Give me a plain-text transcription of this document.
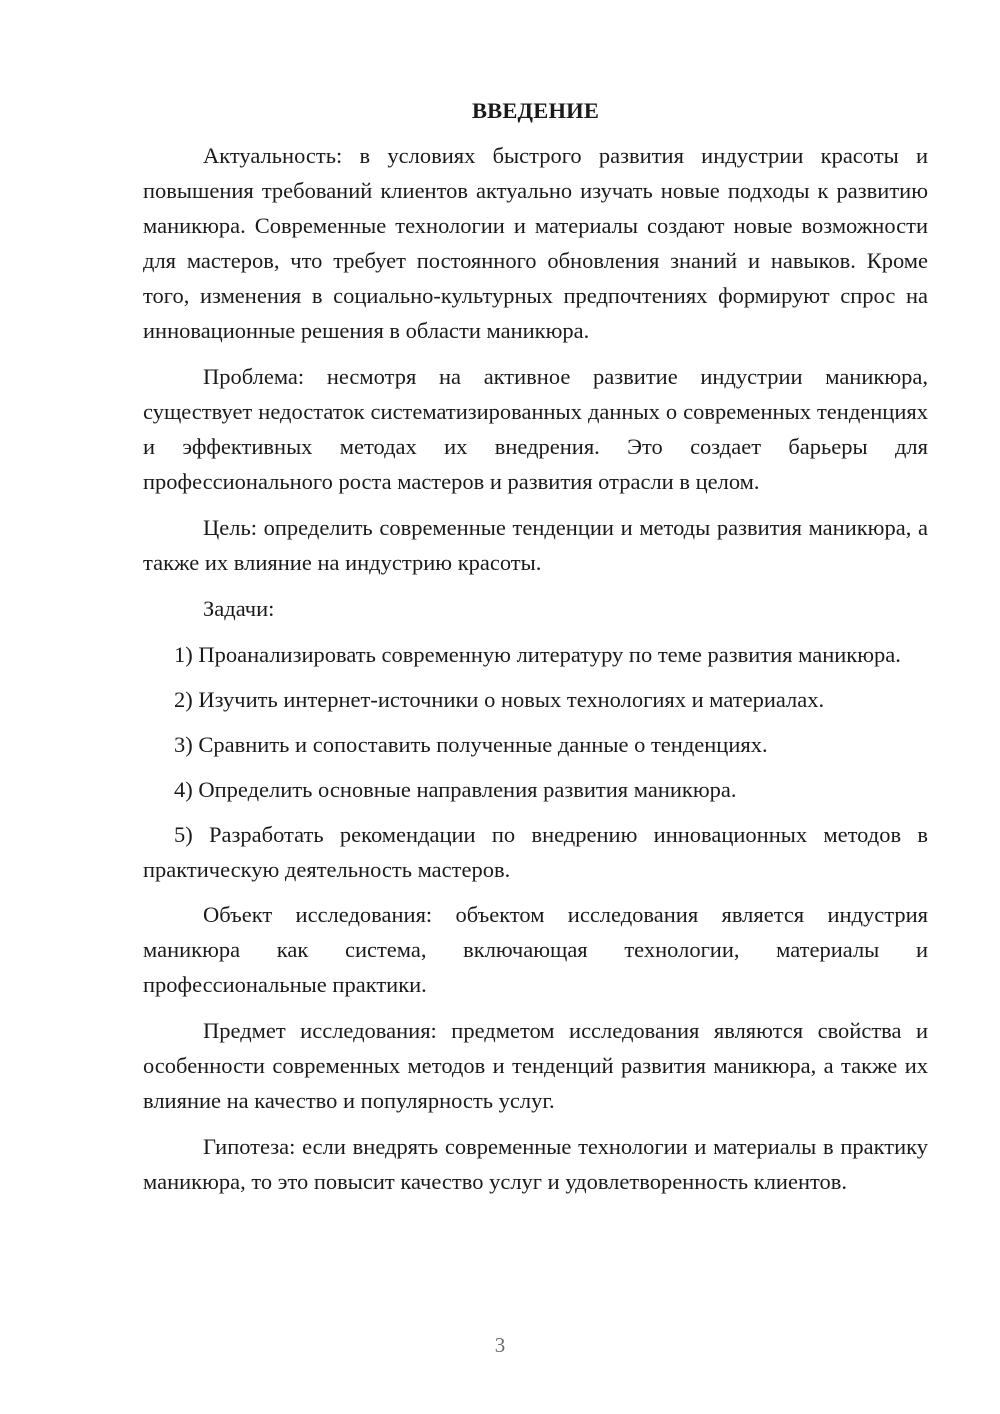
ВВЕДЕНИЕ

Актуальность: в условиях быстрого развития индустрии красоты и повышения требований клиентов актуально изучать новые подходы к развитию маникюра. Современные технологии и материалы создают новые возможности для мастеров, что требует постоянного обновления знаний и навыков. Кроме того, изменения в социально-культурных предпочтениях формируют спрос на инновационные решения в области маникюра.

Проблема: несмотря на активное развитие индустрии маникюра, существует недостаток систематизированных данных о современных тенденциях и эффективных методах их внедрения. Это создает барьеры для профессионального роста мастеров и развития отрасли в целом.

Цель: определить современные тенденции и методы развития маникюра, а также их влияние на индустрию красоты.

Задачи:

1) Проанализировать современную литературу по теме развития маникюра.

2) Изучить интернет-источники о новых технологиях и материалах.

3) Сравнить и сопоставить полученные данные о тенденциях.

4) Определить основные направления развития маникюра.

5) Разработать рекомендации по внедрению инновационных методов в практическую деятельность мастеров.

Объект исследования: объектом исследования является индустрия маникюра как система, включающая технологии, материалы и профессиональные практики.

Предмет исследования: предметом исследования являются свойства и особенности современных методов и тенденций развития маникюра, а также их влияние на качество и популярность услуг.

Гипотеза: если внедрять современные технологии и материалы в практику маникюра, то это повысит качество услуг и удовлетворенность клиентов.

3
